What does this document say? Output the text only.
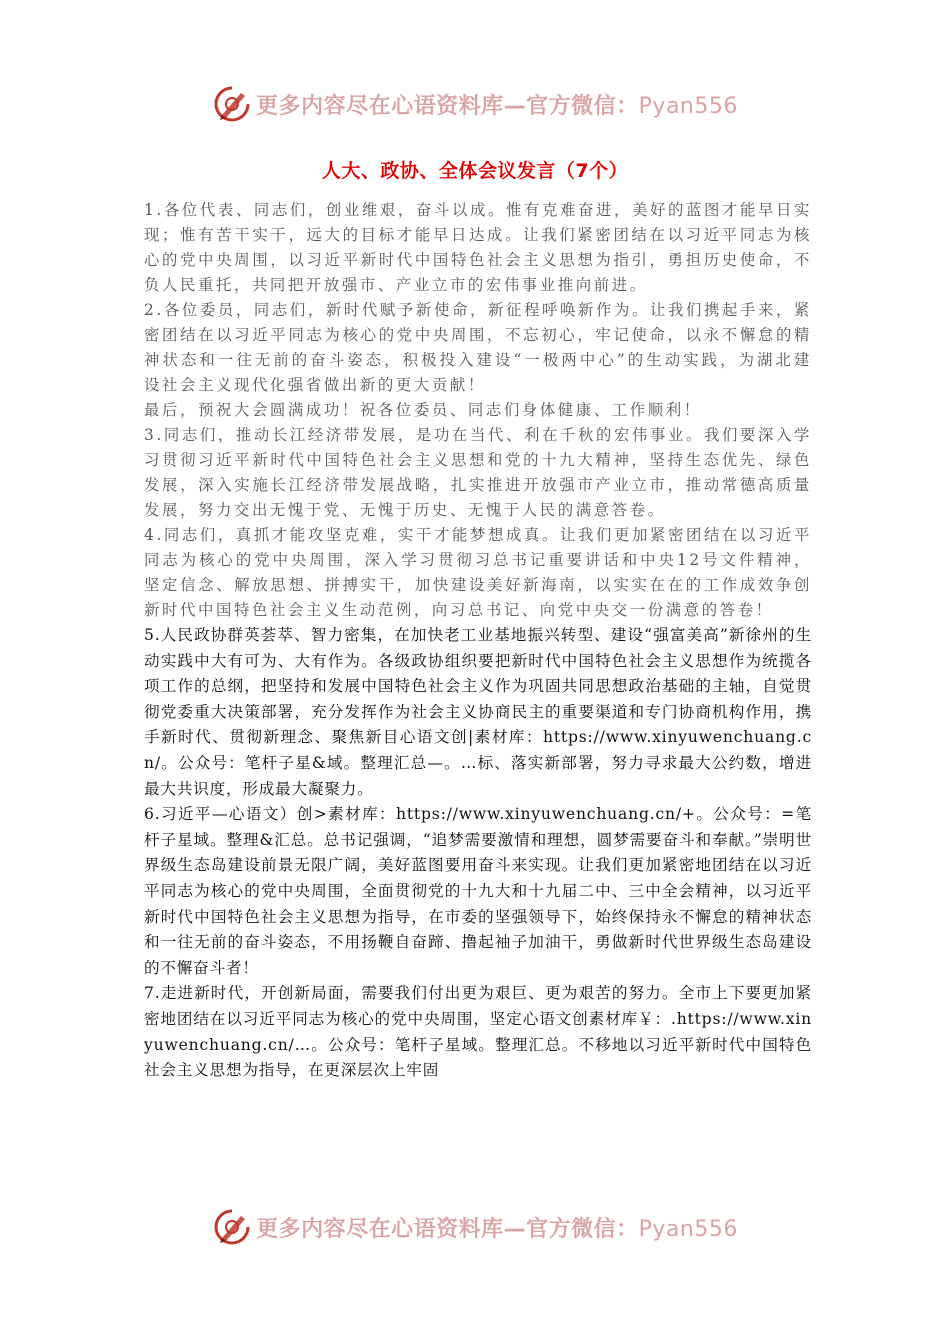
更多内容尽在心语资料库—官方微信：Pyan556
人大、政协、全体会议发言（7个）

1.各位代表、同志们，创业维艰，奋斗以成。惟有克难奋进，美好的蓝图才能早日实现；惟有苦干实干，远大的目标才能早日达成。让我们紧密团结在以习近平同志为核心的党中央周围，以习近平新时代中国特色社会主义思想为指引，勇担历史使命，不负人民重托，共同把开放强市、产业立市的宏伟事业推向前进。

2.各位委员，同志们，新时代赋予新使命，新征程呼唤新作为。让我们携起手来，紧密团结在以习近平同志为核心的党中央周围，不忘初心，牢记使命，以永不懈怠的精神状态和一往无前的奋斗姿态，积极投入建设“一极两中心”的生动实践，为湖北建设社会主义现代化强省做出新的更大贡献！

最后，预祝大会圆满成功！祝各位委员、同志们身体健康、工作顺利！

3.同志们，推动长江经济带发展，是功在当代、利在千秋的宏伟事业。我们要深入学习贯彻习近平新时代中国特色社会主义思想和党的十九大精神，坚持生态优先、绿色发展，深入实施长江经济带发展战略，扎实推进开放强市产业立市，推动常德高质量发展，努力交出无愧于党、无愧于历史、无愧于人民的满意答卷。

4.同志们，真抓才能攻坚克难，实干才能梦想成真。让我们更加紧密团结在以习近平同志为核心的党中央周围，深入学习贯彻习总书记重要讲话和中央12号文件精神，坚定信念、解放思想、拼搏实干，加快建设美好新海南，以实实在在的工作成效争创新时代中国特色社会主义生动范例，向习总书记、向党中央交一份满意的答卷！

5.人民政协群英荟萃、智力密集，在加快老工业基地振兴转型、建设“强富美高”新徐州的生动实践中大有可为、大有作为。各级政协组织要把新时代中国特色社会主义思想作为统揽各项工作的总纲，把坚持和发展中国特色社会主义作为巩固共同思想政治基础的主轴，自觉贯彻党委重大决策部署，充分发挥作为社会主义协商民主的重要渠道和专门协商机构作用，携手新时代、贯彻新理念、聚焦新目心语文创|素材库：https://www.xinyuwenchuang.cn/。公众号：笔杆子星&域。整理汇总—。…标、落实新部署，努力寻求最大公约数，增进最大共识度，形成最大凝聚力。

6.习近平—心语文）创>素材库：https://www.xinyuwenchuang.cn/+。公众号：=笔杆子星域。整理&汇总。总书记强调，“追梦需要激情和理想，圆梦需要奋斗和奉献。”崇明世界级生态岛建设前景无限广阔，美好蓝图要用奋斗来实现。让我们更加紧密地团结在以习近平同志为核心的党中央周围，全面贯彻党的十九大和十九届二中、三中全会精神，以习近平新时代中国特色社会主义思想为指导，在市委的坚强领导下，始终保持永不懈怠的精神状态和一往无前的奋斗姿态，不用扬鞭自奋蹄、撸起袖子加油干，勇做新时代世界级生态岛建设的不懈奋斗者！

7.走进新时代，开创新局面，需要我们付出更为艰巨、更为艰苦的努力。全市上下要更加紧密地团结在以习近平同志为核心的党中央周围，坚定心语文创素材库￥：.https://www.xinyuwenchuang.cn/…。公众号：笔杆子星域。整理汇总。不移地以习近平新时代中国特色社会主义思想为指导，在更深层次上牢固

更多内容尽在心语资料库—官方微信：Pyan556
